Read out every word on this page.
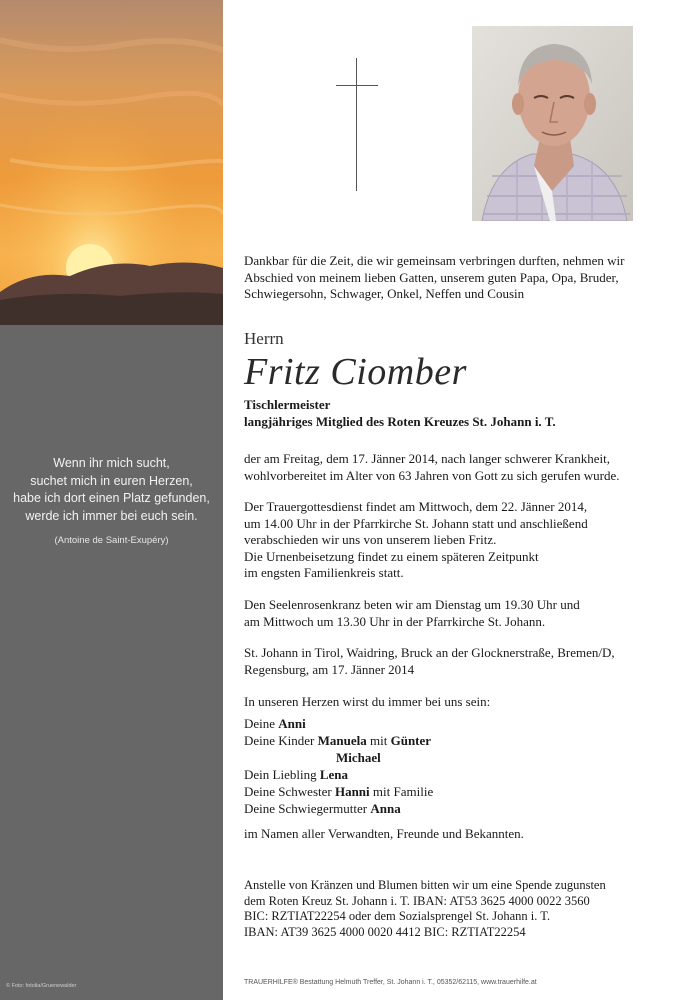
Wenn ihr mich sucht,
suchet mich in euren Herzen,
habe ich dort einen Platz gefunden,
werde ich immer bei euch sein.
(Antoine de Saint-Exupéry)
© Foto: fotolia/Gruenewalder
Dankbar für die Zeit, die wir gemeinsam verbringen durften, nehmen wir
Abschied von meinem lieben Gatten, unserem guten Papa, Opa, Bruder,
Schwiegersohn, Schwager, Onkel, Neffen und Cousin
Herrn
Fritz Ciomber
Tischlermeister
langjähriges Mitglied des Roten Kreuzes St. Johann i. T.
der am Freitag, dem 17. Jänner 2014, nach langer schwerer Krankheit,
wohlvorbereitet im Alter von 63 Jahren von Gott zu sich gerufen wurde.
Der Trauergottesdienst findet am Mittwoch, dem 22. Jänner 2014,
um 14.00 Uhr in der Pfarrkirche St. Johann statt und anschließend
verabschieden wir uns von unserem lieben Fritz.
Die Urnenbeisetzung findet zu einem späteren Zeitpunkt
im engsten Familienkreis statt.
Den Seelenrosenkranz beten wir am Dienstag um 19.30 Uhr und
am Mittwoch um 13.30 Uhr in der Pfarrkirche St. Johann.
St. Johann in Tirol, Waidring, Bruck an der Glocknerstraße, Bremen/D,
Regensburg, am 17. Jänner 2014
In unseren Herzen wirst du immer bei uns sein:
Deine Anni
Deine Kinder Manuela mit Günter
Michael
Dein Liebling Lena
Deine Schwester Hanni mit Familie
Deine Schwiegermutter Anna
im Namen aller Verwandten, Freunde und Bekannten.
Anstelle von Kränzen und Blumen bitten wir um eine Spende zugunsten
dem Roten Kreuz St. Johann i. T. IBAN: AT53 3625 4000 0022 3560
BIC: RZTIAT22254 oder dem Sozialsprengel St. Johann i. T.
IBAN: AT39 3625 4000 0020 4412 BIC: RZTIAT22254
TRAUERHILFE® Bestattung Helmuth Treffer, St. Johann i. T., 05352/62115, www.trauerhilfe.at
